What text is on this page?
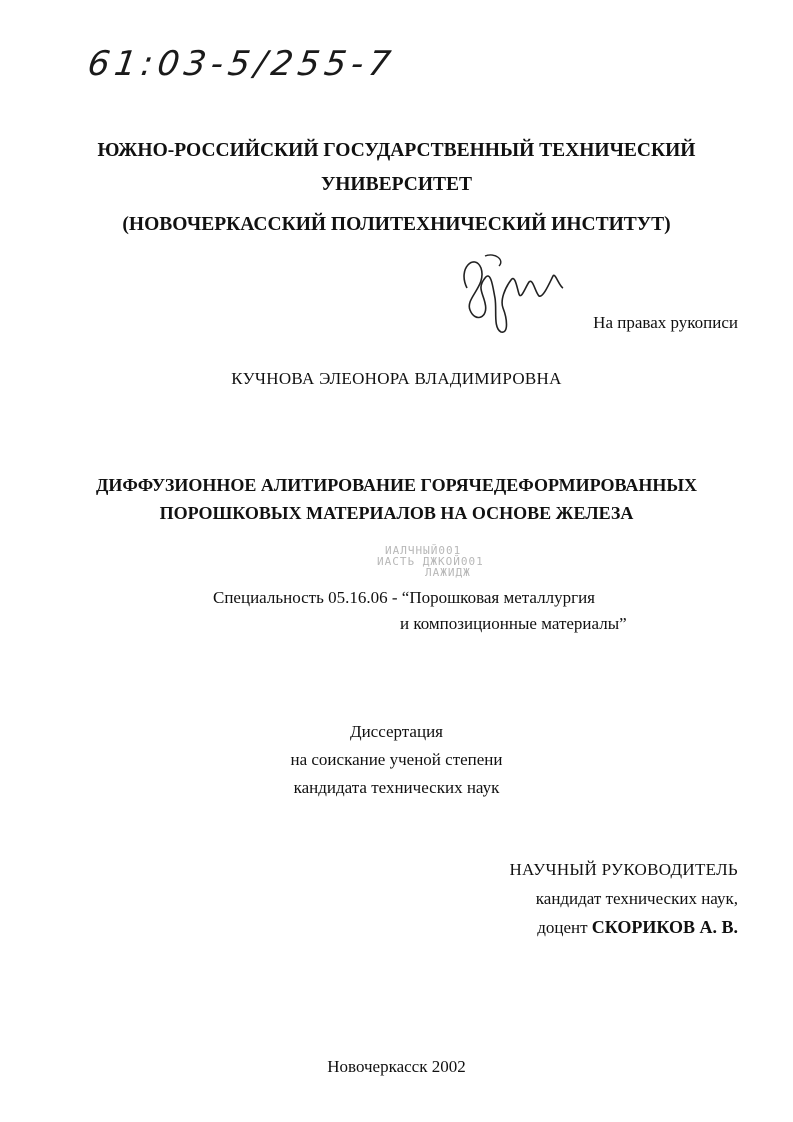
61:03-5/255-7
ЮЖНО-РОССИЙСКИЙ ГОСУДАРСТВЕННЫЙ ТЕХНИЧЕСКИЙ
УНИВЕРСИТЕТ
(НОВОЧЕРКАССКИЙ ПОЛИТЕХНИЧЕСКИЙ ИНСТИТУТ)
На правах рукописи
КУЧНОВА ЭЛЕОНОРА ВЛАДИМИРОВНА
ДИФФУЗИОННОЕ АЛИТИРОВАНИЕ ГОРЯЧЕДЕФОРМИРОВАННЫХ
ПОРОШКОВЫХ МАТЕРИАЛОВ НА ОСНОВЕ ЖЕЛЕЗА
ИАЛЧНЫЙ001
ИАСТЬ ДЖКОЙ001
ЛАЖИДЖ
Специальность 05.16.06 - “Порошковая металлургия
и композиционные материалы”
Диссертация
на соискание ученой степени
кандидата технических наук
НАУЧНЫЙ РУКОВОДИТЕЛЬ
кандидат технических наук,
доцент СКОРИКОВ А. В.
Новочеркасск 2002
